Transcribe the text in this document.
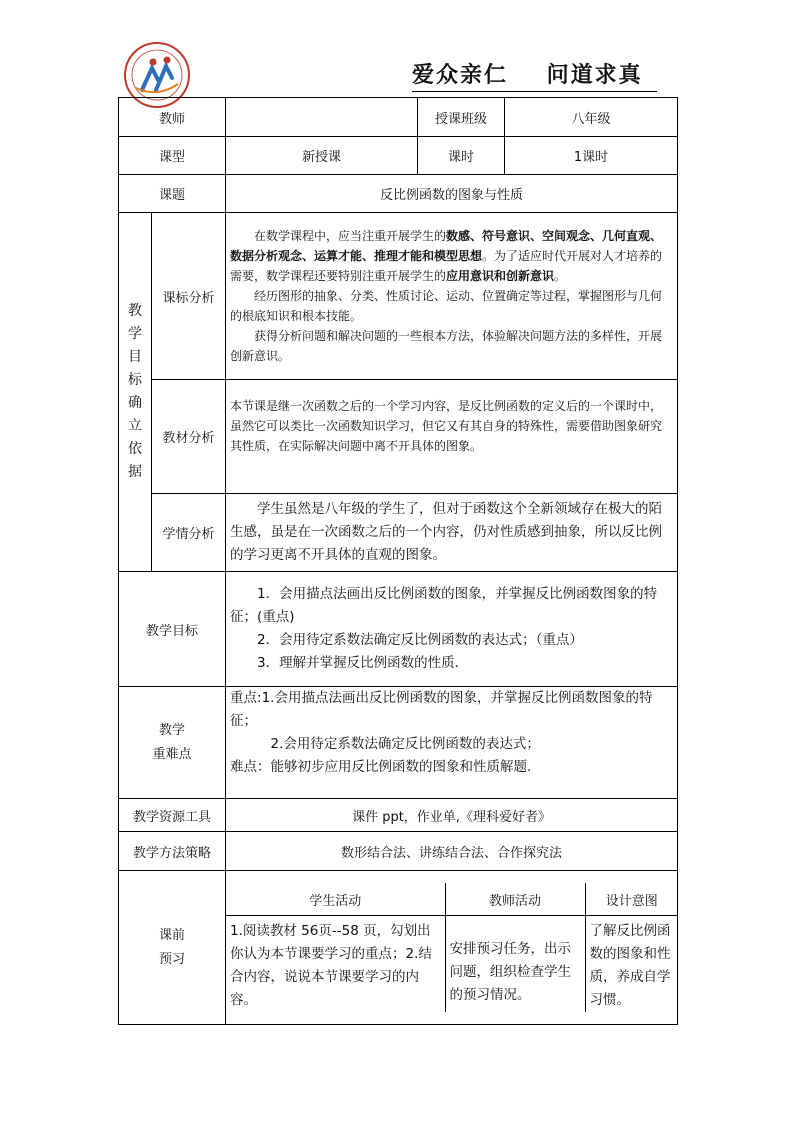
爱众亲仁    问道求真
教师		授课班级	八年级
课型	新授课	课时	1课时
课题	反比例函数的图象与性质
教学目标确立依据	课标分析	

在数学课程中，应当注重开展学生的数感、符号意识、空间观念、几何直观、数据分析观念、运算才能、推理才能和模型思想。为了适应时代开展对人才培养的需要，数学课程还要特别注重开展学生的应用意识和创新意识。

经历图形的抽象、分类、性质讨论、运动、位置确定等过程，掌握图形与几何的根底知识和根本技能。

获得分析问题和解决问题的一些根本方法，体验解决问题方法的多样性，开展创新意识。

教材分析	本节课是继一次函数之后的一个学习内容，是反比例函数的定义后的一个课时中，虽然它可以类比一次函数知识学习，但它又有其自身的特殊性，需要借助图象研究其性质，在实际解决问题中离不开具体的图象。
学情分析	学生虽然是八年级的学生了，但对于函数这个全新领域存在极大的陌生感，虽是在一次函数之后的一个内容，仍对性质感到抽象，所以反比例的学习更离不开具体的直观的图象。
教学目标	

1．会用描点法画出反比例函数的图象，并掌握反比例函数图象的特征；(重点)

2．会用待定系数法确定反比例函数的表达式；（重点）

3．理解并掌握反比例函数的性质．

教学
重难点

重点:1.会用描点法画出反比例函数的图象，并掌握反比例函数图象的特征；

2.会用待定系数法确定反比例函数的表达式；

难点：能够初步应用反比例函数的图象和性质解题.

教学资源工具	课件 ppt，作业单,《理科爱好者》
教学方法策略	数形结合法、讲练结合法、合作探究法

课前
预习

学生活动	教师活动	设计意图
1.阅读教材 56页--58 页，勾划出你认为本节课要学习的重点；2.结合内容，说说本节课要学习的内容。	安排预习任务，出示问题，组织检查学生的预习情况。	了解反比例函数的图象和性质，养成自学习惯。
